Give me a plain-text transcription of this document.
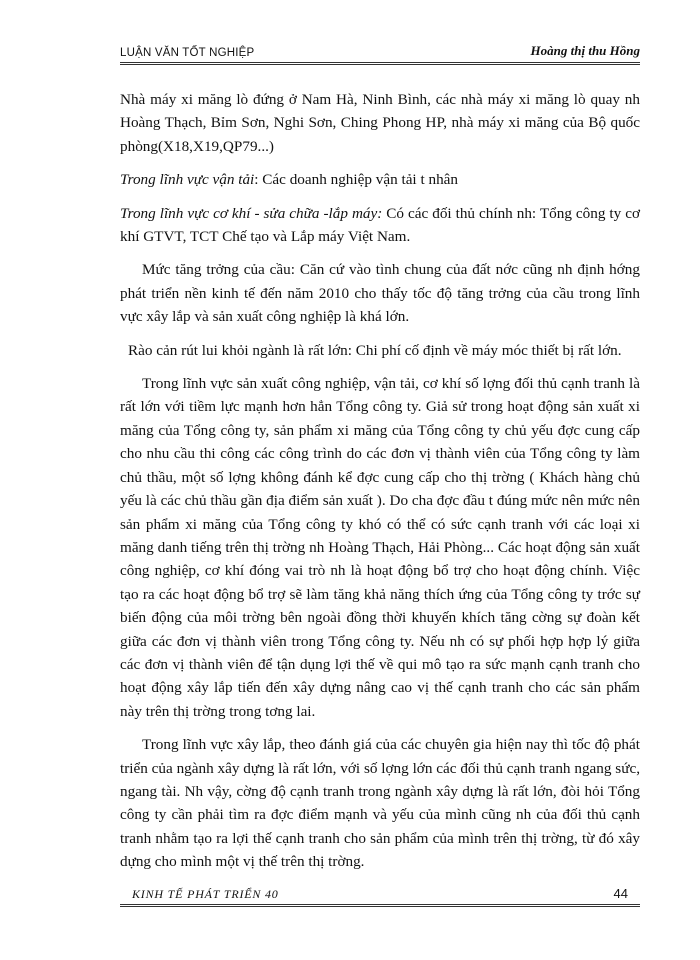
LUẬN VĂN TỐT NGHIỆP	Hoàng thị thu Hồng

Nhà máy xi măng lò đứng ở Nam Hà, Ninh Bình, các nhà máy xi măng lò quay nh Hoàng Thạch, Bỉm Sơn, Nghi Sơn, Ching Phong HP, nhà máy xi măng của Bộ quốc phòng(X18,X19,QP79...)

Trong lĩnh vực vận tải: Các doanh nghiệp vận tải t nhân

Trong lĩnh vực cơ khí - sửa chữa -lắp máy: Có các đối thủ chính nh: Tổng công ty cơ khí GTVT, TCT Chế tạo và Lắp máy Việt Nam.

Mức tăng trởng của cầu: Căn cứ vào tình chung của đất nớc cũng nh định hớng phát triển nền kinh tế đến năm 2010 cho thấy tốc độ tăng trởng của cầu trong lĩnh vực xây lắp và sản xuất công nghiệp là khá lớn.

Rào cản rút lui khỏi ngành là rất lớn: Chi phí cố định về máy móc thiết bị rất lớn.

Trong lĩnh vực sản xuất công nghiệp, vận tải, cơ khí số lợng đối thủ cạnh tranh là rất lớn với tiềm lực mạnh hơn hẳn Tổng công ty. Giả sử trong hoạt động sản xuất xi măng của Tổng công ty, sản phẩm xi măng của Tổng công ty chủ yếu đợc cung cấp cho nhu cầu thi công các công trình do các đơn vị thành viên của Tổng công ty làm chủ thầu, một số lợng không đánh kể đợc cung cấp cho thị trờng ( Khách hàng chủ yếu là các chủ thầu gần địa điểm sản xuất ). Do cha đợc đầu t đúng mức nên mức nên sản phẩm xi măng của Tổng công ty khó có thể có sức cạnh tranh với các loại xi măng danh tiếng trên thị trờng nh Hoàng Thạch, Hải Phòng... Các hoạt động sản xuất công nghiệp, cơ khí đóng vai trò nh là hoạt động bổ trợ cho hoạt động chính. Việc tạo ra các hoạt động bổ trợ sẽ làm tăng khả năng thích ứng của Tổng công ty trớc sự biến động của môi trờng bên ngoài đồng thời khuyến khích tăng cờng sự đoàn kết giữa các đơn vị thành viên trong Tổng công ty. Nếu nh có sự phối hợp hợp lý giữa các đơn vị thành viên để tận dụng lợi thế về qui mô tạo ra sức mạnh cạnh tranh cho hoạt động xây lắp tiến đến xây dựng nâng cao vị thế cạnh tranh cho các sản phẩm này trên thị trờng trong tơng lai.

Trong lĩnh vực xây lắp, theo đánh giá của các chuyên gia hiện nay thì tốc độ phát triển của ngành xây dựng là rất lớn, với số lợng lớn các đối thủ cạnh tranh ngang sức, ngang tài. Nh vậy, cờng độ cạnh tranh trong ngành xây dựng là rất lớn, đòi hỏi Tổng công ty cần phải tìm ra đợc điểm mạnh và yếu của mình cũng nh của đối thủ cạnh tranh nhằm tạo ra lợi thế cạnh tranh cho sản phẩm của mình trên thị trờng, từ đó xây dựng cho mình một vị thế trên thị trờng.

KINH TẾ PHÁT TRIỂN 40	44
